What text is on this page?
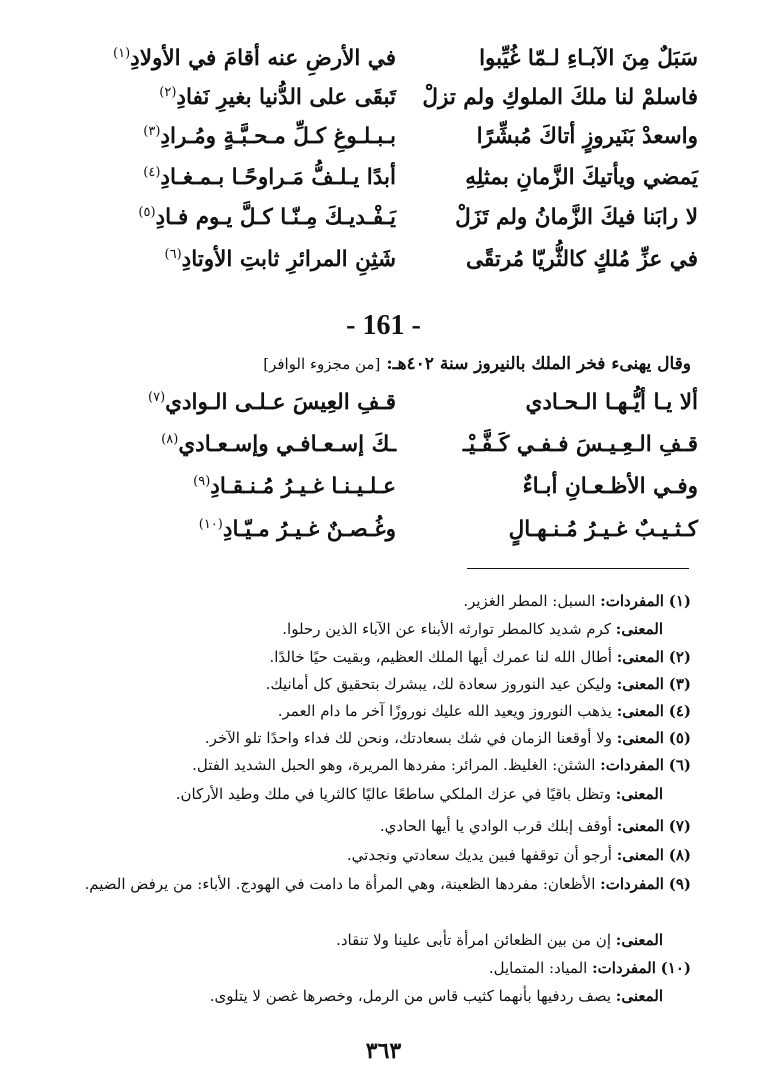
سَبَلٌ مِنَ الآبـاءِ لـمّا غُيِّبوا
في الأرضِ عنه أقامَ في الأولادِ$^{(١)}$
فاسلمْ لنا ملكَ الملوكِ ولم تزلْ
تَبقَى على الدُّنيا بغيرِ نَفادِ$^{(٢)}$
واسعدْ بَنَيروزٍ أتاكَ مُبشِّرًا
بـبـلـوغِ كـلِّ مـحـبَّـةٍ ومُـرادِ$^{(٣)}$
يَمضي ويأتيكَ الزَّمانِ بمثلِهِ
أبدًا يـلـفُّ مَـراوحًـا بـمـغـادِ$^{(٤)}$
لا رابَنا فيكَ الزَّمانُ ولم تَزَلْ
يَـفْـديـكَ مِـنّـا كـلَّ يـوم فـادِ$^{(٥)}$
في عزِّ مُلكٍ كالثُّريّا مُرتقًى
شَثِنِ المرائرِ ثابتِ الأوتادِ$^{(٦)}$
- 161 -
وقال يهنىء فخر الملك بالنيروز سنة ٤٠٢هـ:[من مجزوء الوافر]
ألا يـا أيُّـهـا الـحـادي
قـفِ العِيسَ عـلـى الـوادي$^{(٧)}$
قـفِ الـعِـيـسَ فـفـي كَـفَّـيْـ
ـكَ إسـعـافـي وإسـعـادي$^{(٨)}$
وفـي الأظـعـانِ أبـاءٌ
عـلـيـنـا غـيـرُ مُـنـقـادِ$^{(٩)}$
كـثـيـبٌ غـيـرُ مُـنـهـالٍ
وغُـصـنٌ غـيـرُ مـيّـادِ$^{(١٠)}$
(١) المفردات: السبل: المطر الغزير.
المعنى: كرم شديد كالمطر توارثه الأبناء عن الآباء الذين رحلوا.
(٢) المعنى: أطال الله لنا عمرك أيها الملك العظيم، وبقيت حيًا خالدًا.
(٣) المعنى: وليكن عيد النوروز سعادة لك، يبشرك بتحقيق كل أمانيك.
(٤) المعنى: يذهب النوروز ويعيد الله عليك نوروزًا آخر ما دام العمر.
(٥) المعنى: ولا أوقعنا الزمان في شك بسعادتك، ونحن لك فداء واحدًا تلو الآخر.
(٦) المفردات: الشثن: الغليظ. المرائر: مفردها المريرة، وهو الحبل الشديد الفتل.
المعنى: وتظل باقيًا في عزك الملكي ساطعًا عاليًا كالثريا في ملك وطيد الأركان.
(٧) المعنى: أوقف إبلك قرب الوادي يا أيها الحادي.
(٨) المعنى: أرجو أن توقفها فبين يديك سعادتي ونجدتي.
(٩) المفردات: الأظعان: مفردها الظعينة، وهي المرأة ما دامت في الهودج. الأباء: من يرفض الضيم.
المعنى: إن من بين الظعائن امرأة تأبى علينا ولا تنقاد.
(١٠) المفردات: المياد: المتمايل.
المعنى: يصف ردفيها بأنهما كثيب قاس من الرمل، وخصرها غصن لا يتلوى.
٣٦٣
